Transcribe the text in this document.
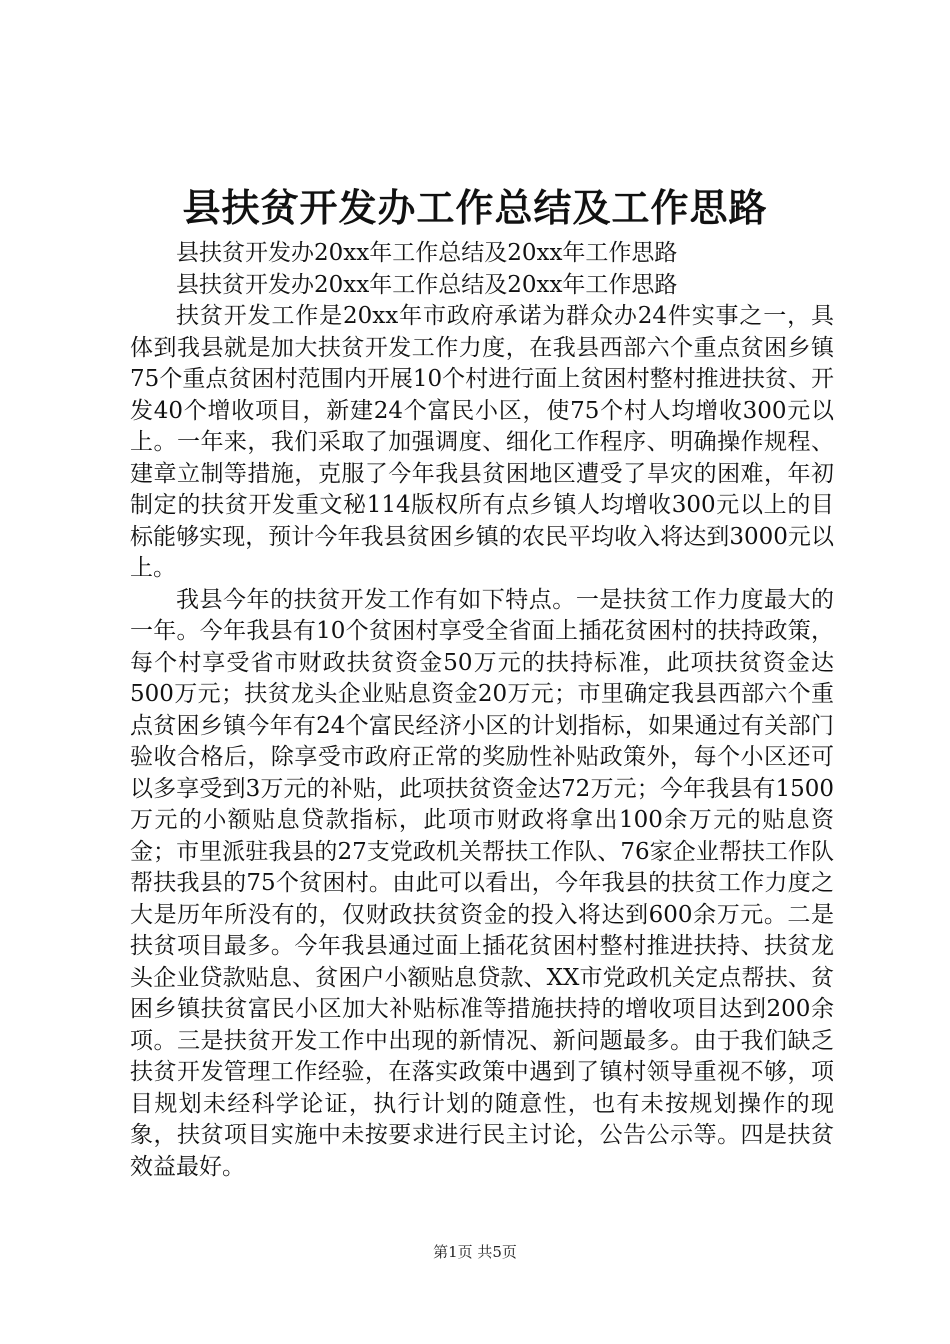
县扶贫开发办工作总结及工作思路

县扶贫开发办20xx年工作总结及20xx年工作思路

县扶贫开发办20xx年工作总结及20xx年工作思路

扶贫开发工作是20xx年市政府承诺为群众办24件实事之一，具体到我县就是加大扶贫开发工作力度，在我县西部六个重点贫困乡镇75个重点贫困村范围内开展10个村进行面上贫困村整村推进扶贫、开发40个增收项目，新建24个富民小区，使75个村人均增收300元以上。一年来，我们采取了加强调度、细化工作程序、明确操作规程、建章立制等措施，克服了今年我县贫困地区遭受了旱灾的困难，年初制定的扶贫开发重文秘114版权所有点乡镇人均增收300元以上的目标能够实现，预计今年我县贫困乡镇的农民平均收入将达到3000元以上。

我县今年的扶贫开发工作有如下特点。一是扶贫工作力度最大的一年。今年我县有10个贫困村享受全省面上插花贫困村的扶持政策，每个村享受省市财政扶贫资金50万元的扶持标准，此项扶贫资金达500万元；扶贫龙头企业贴息资金20万元；市里确定我县西部六个重点贫困乡镇今年有24个富民经济小区的计划指标，如果通过有关部门验收合格后，除享受市政府正常的奖励性补贴政策外，每个小区还可以多享受到3万元的补贴，此项扶贫资金达72万元；今年我县有1500万元的小额贴息贷款指标，此项市财政将拿出100余万元的贴息资金；市里派驻我县的27支党政机关帮扶工作队、76家企业帮扶工作队帮扶我县的75个贫困村。由此可以看出，今年我县的扶贫工作力度之大是历年所没有的，仅财政扶贫资金的投入将达到600余万元。二是扶贫项目最多。今年我县通过面上插花贫困村整村推进扶持、扶贫龙头企业贷款贴息、贫困户小额贴息贷款、XX市党政机关定点帮扶、贫困乡镇扶贫富民小区加大补贴标准等措施扶持的增收项目达到200余项。三是扶贫开发工作中出现的新情况、新问题最多。由于我们缺乏扶贫开发管理工作经验，在落实政策中遇到了镇村领导重视不够，项目规划未经科学论证，执行计划的随意性，也有未按规划操作的现象，扶贫项目实施中未按要求进行民主讨论，公告公示等。四是扶贫效益最好。

第1页 共5页
